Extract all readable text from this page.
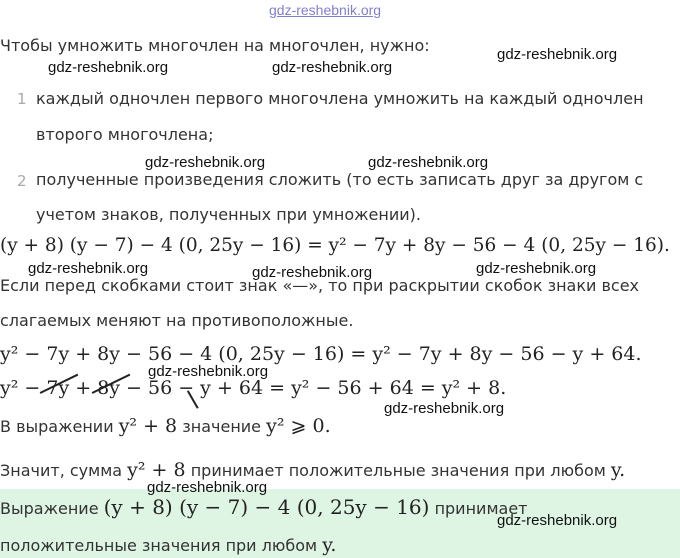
gdz-reshebnik.org
Чтобы умножить многочлен на многочлен, нужно:	gdz-reshebnik.org
gdz-reshebnik.org	gdz-reshebnik.org
1 каждый одночлен первого многочлена умножить на каждый одночлен
второго многочлена;
gdz-reshebnik.org	gdz-reshebnik.org
2 полученные произведения сложить (то есть записать друг за другом с
учетом знаков, полученных при умножении).
(y + 8) (y − 7) − 4 (0, 25y − 16) = y² − 7y + 8y − 56 − 4 (0, 25y − 16).
gdz-reshebnik.org	gdz-reshebnik.org	gdz-reshebnik.org
Если перед скобками стоит знак «—», то при раскрытии скобок знаки всех
слагаемых меняют на противоположные.
y² − 7y + 8y − 56 − 4 (0, 25y − 16) = y² − 7y + 8y − 56 − y + 64.
gdz-reshebnik.org
y² − 7y + 8y − 56 − y + 64 = y² − 56 + 64 = y² + 8.
gdz-reshebnik.org
В выражении y² + 8 значение y² ⩾ 0.
Значит, сумма y² + 8 принимает положительные значения при любом y.
gdz-reshebnik.org
Выражение (y + 8) (y − 7) − 4 (0, 25y − 16) принимает
gdz-reshebnik.org
положительные значения при любом y.
